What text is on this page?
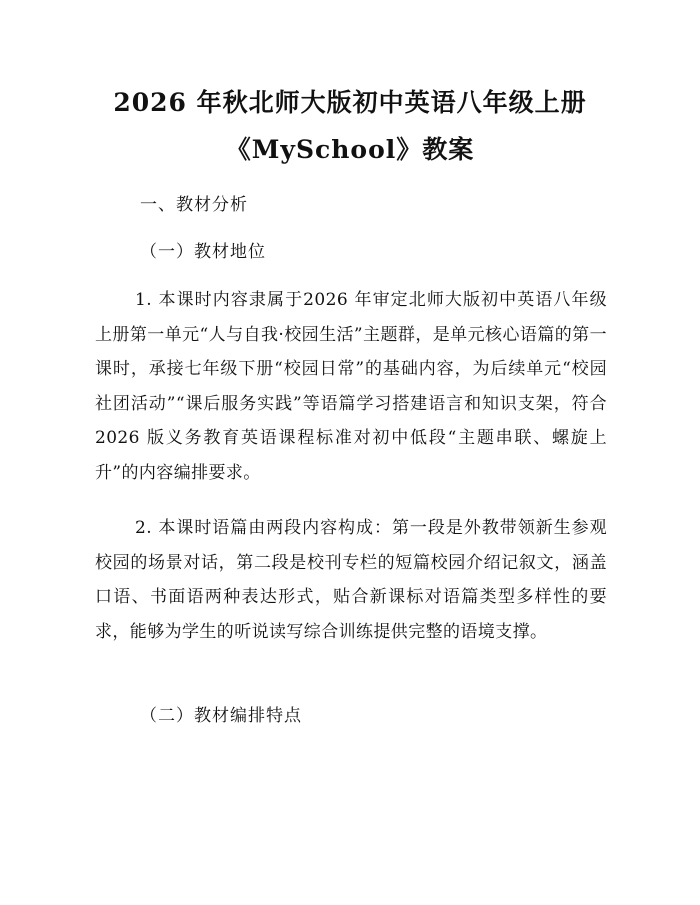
2026 年秋北师大版初中英语八年级上册
《MySchool》教案
一、教材分析
（一）教材地位

1. 本课时内容隶属于2026 年审定北师大版初中英语八年级上册第一单元“人与自我·校园生活”主题群，是单元核心语篇的第一课时，承接七年级下册“校园日常”的基础内容，为后续单元“校园社团活动”“课后服务实践”等语篇学习搭建语言和知识支架，符合 2026 版义务教育英语课程标准对初中低段“主题串联、螺旋上升”的内容编排要求。

2. 本课时语篇由两段内容构成：第一段是外教带领新生参观校园的场景对话，第二段是校刊专栏的短篇校园介绍记叙文，涵盖口语、书面语两种表达形式，贴合新课标对语篇类型多样性的要求，能够为学生的听说读写综合训练提供完整的语境支撑。

（二）教材编排特点
